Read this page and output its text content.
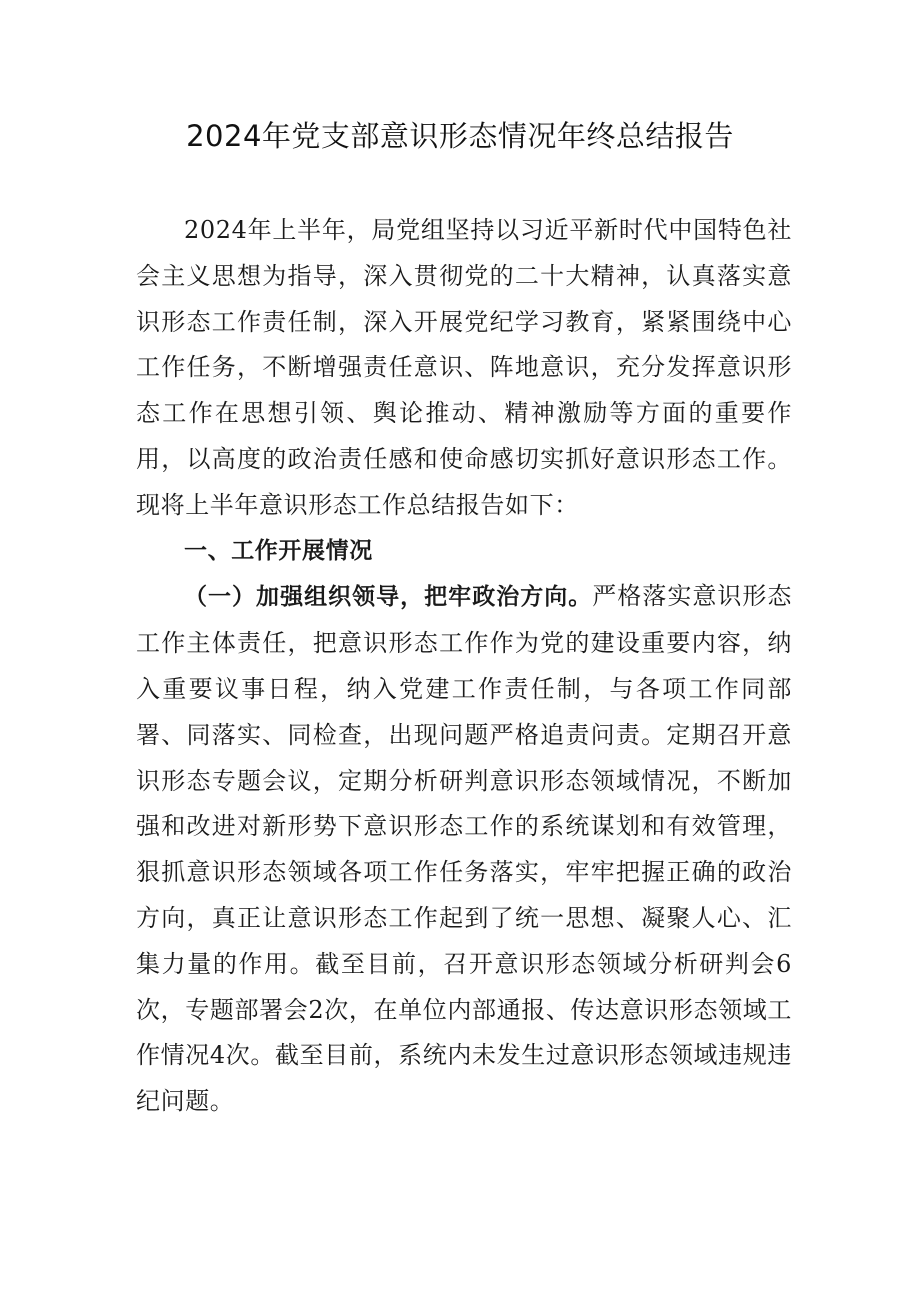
2024年党支部意识形态情况年终总结报告

2024年上半年，局党组坚持以习近平新时代中国特色社会主义思想为指导，深入贯彻党的二十大精神，认真落实意识形态工作责任制，深入开展党纪学习教育，紧紧围绕中心工作任务，不断增强责任意识、阵地意识，充分发挥意识形态工作在思想引领、舆论推动、精神激励等方面的重要作用，以高度的政治责任感和使命感切实抓好意识形态工作。现将上半年意识形态工作总结报告如下：

一、工作开展情况

（一）加强组织领导，把牢政治方向。严格落实意识形态工作主体责任，把意识形态工作作为党的建设重要内容，纳入重要议事日程，纳入党建工作责任制，与各项工作同部署、同落实、同检查，出现问题严格追责问责。定期召开意识形态专题会议，定期分析研判意识形态领域情况，不断加强和改进对新形势下意识形态工作的系统谋划和有效管理，狠抓意识形态领域各项工作任务落实，牢牢把握正确的政治方向，真正让意识形态工作起到了统一思想、凝聚人心、汇集力量的作用。截至目前，召开意识形态领域分析研判会6次，专题部署会2次，在单位内部通报、传达意识形态领域工作情况4次。截至目前，系统内未发生过意识形态领域违规违纪问题。
